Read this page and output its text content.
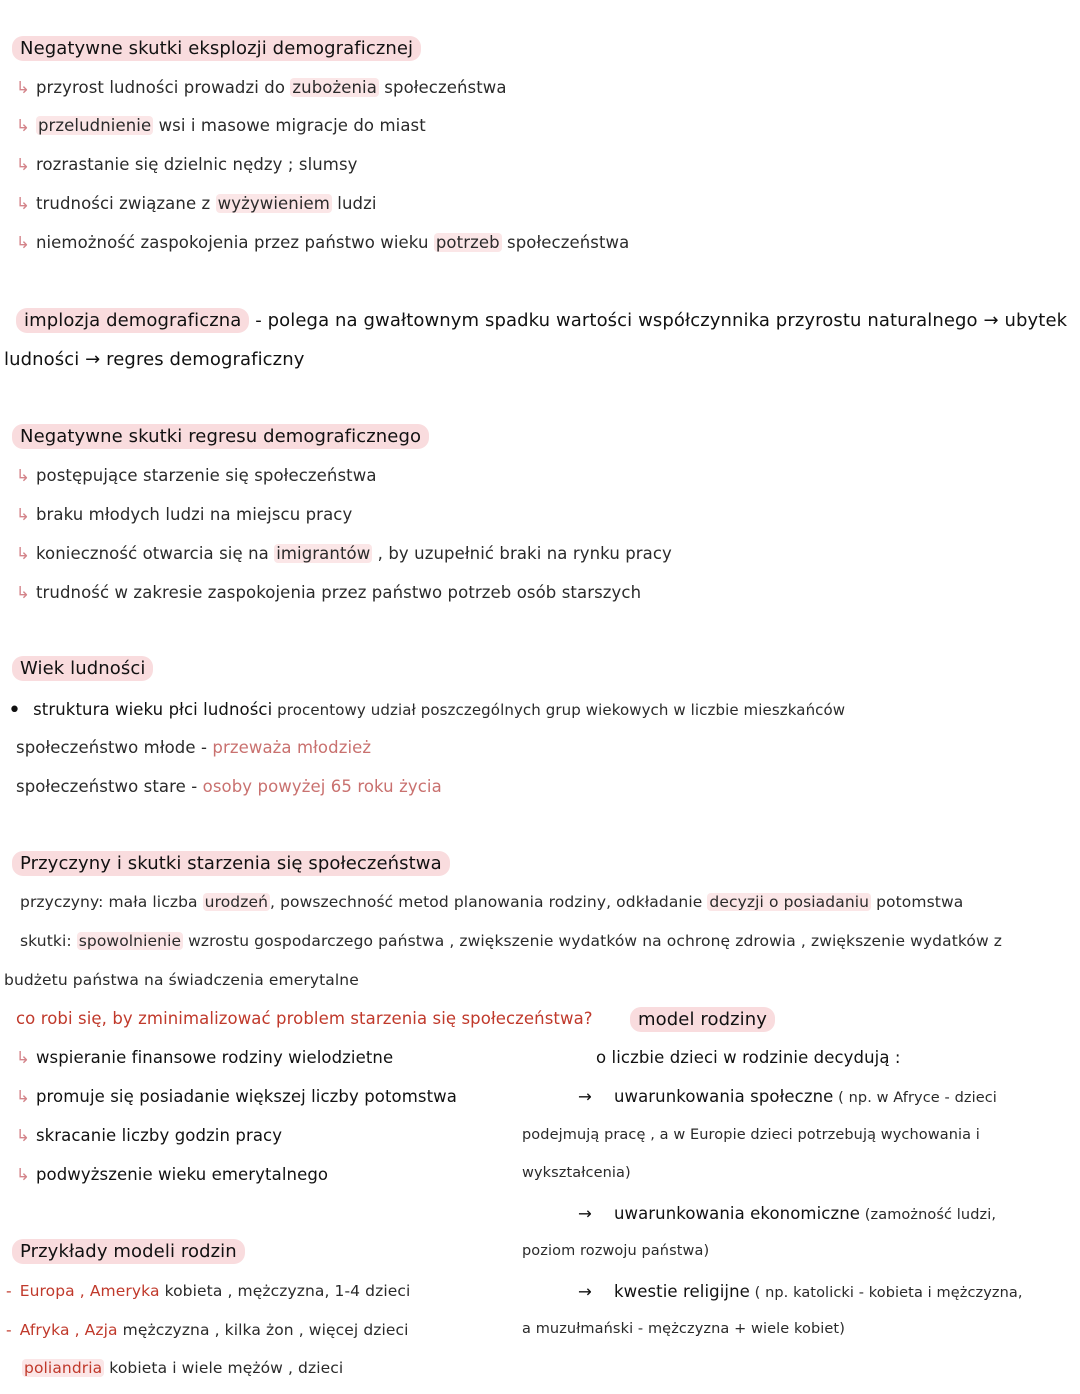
Negatywne skutki eksplozji demograficznej
↳ przyrost ludności prowadzi do zubożenia społeczeństwa
↳ przeludnienie wsi i masowe migracje do miast
↳ rozrastanie się dzielnic nędzy ; slumsy
↳ trudności związane z wyżywieniem ludzi
↳ niemożność zaspokojenia przez państwo wieku potrzeb społeczeństwa
implozja demograficzna - polega na gwałtownym spadku wartości współczynnika przyrostu naturalnego → ubytek
ludności → regres demograficzny
Negatywne skutki regresu demograficznego
↳ postępujące starzenie się społeczeństwa
↳ braku młodych ludzi na miejscu pracy
↳ konieczność otwarcia się na imigrantów , by uzupełnić braki na rynku pracy
↳ trudność w zakresie zaspokojenia przez państwo potrzeb osób starszych
Wiek ludności
• struktura wieku płci ludności procentowy udział poszczególnych grup wiekowych w liczbie mieszkańców
społeczeństwo młode - przeważa młodzież
społeczeństwo stare - osoby powyżej 65 roku życia
Przyczyny i skutki starzenia się społeczeństwa
przyczyny: mała liczba urodzeń , powszechność metod planowania rodziny, odkładanie decyzji o posiadaniu potomstwa
skutki: spowolnienie wzrostu gospodarczego państwa , zwiększenie wydatków na ochronę zdrowia , zwiększenie wydatków z
budżetu państwa na świadczenia emerytalne
co robi się, by zminimalizować problem starzenia się społeczeństwa?
↳ wspieranie finansowe rodziny wielodzietne
↳ promuje się posiadanie większej liczby potomstwa
↳ skracanie liczby godzin pracy
↳ podwyższenie wieku emerytalnego
model rodziny
o liczbie dzieci w rodzinie decydują :
→ uwarunkowania społeczne ( np. w Afryce - dzieci
podejmują pracę , a w Europie dzieci potrzebują wychowania i
wykształcenia)
→ uwarunkowania ekonomiczne (zamożność ludzi,
poziom rozwoju państwa)
→ kwestie religijne ( np. katolicki - kobieta i mężczyzna,
a muzułmański - mężczyzna + wiele kobiet)
Przykłady modeli rodzin
- Europa , Ameryka kobieta , mężczyzna, 1-4 dzieci
- Afryka , Azja mężczyzna , kilka żon , więcej dzieci
poliandria kobieta i wiele mężów , dzieci
